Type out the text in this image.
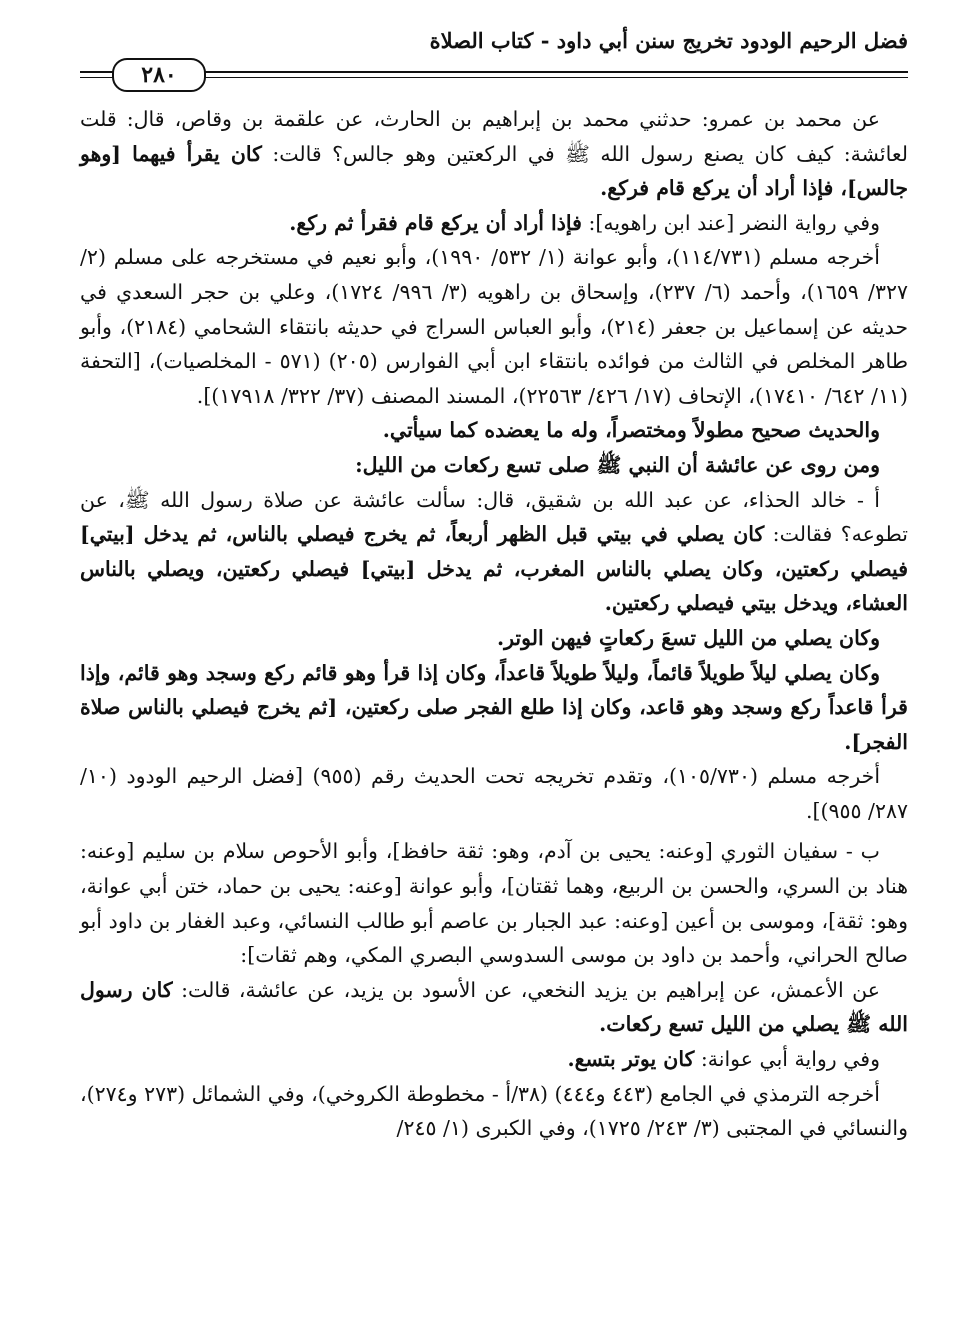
فضل الرحيم الودود تخريج سنن أبي داود - كتاب الصلاة
٢٨٠

عن محمد بن عمرو: حدثني محمد بن إبراهيم بن الحارث، عن علقمة بن وقاص، قال: قلت لعائشة: كيف كان يصنع رسول الله ﷺ في الركعتين وهو جالس؟ قالت: كان يقرأ فيهما [وهو جالس]، فإذا أراد أن يركع قام فركع.

وفي رواية النضر [عند ابن راهويه]: فإذا أراد أن يركع قام فقرأ ثم ركع.

أخرجه مسلم (١١٤/٧٣١)، وأبو عوانة (١/ ٥٣٢/ ١٩٩٠)، وأبو نعيم في مستخرجه على مسلم (٢/ ٣٢٧/ ١٦٥٩)، وأحمد (٦/ ٢٣٧)، وإسحاق بن راهويه (٣/ ٩٩٦/ ١٧٢٤)، وعلي بن حجر السعدي في حديثه عن إسماعيل بن جعفر (٢١٤)، وأبو العباس السراج في حديثه بانتقاء الشحامي (٢١٨٤)، وأبو طاهر المخلص في الثالث من فوائده بانتقاء ابن أبي الفوارس (٢٠٥) (٥٧١ - المخلصيات)، [التحفة (١١/ ٦٤٢/ ١٧٤١٠)، الإتحاف (١٧/ ٤٢٦/ ٢٢٥٦٣)، المسند المصنف (٣٧/ ٣٢٢/ ١٧٩١٨)].

والحديث صحيح مطولاً ومختصراً، وله ما يعضده كما سيأتي.

ومن روى عن عائشة أن النبي ﷺ صلى تسع ركعات من الليل:

أ - خالد الحذاء، عن عبد الله بن شقيق، قال: سألت عائشة عن صلاة رسول الله ﷺ، عن تطوعه؟ فقالت: كان يصلي في بيتي قبل الظهر أربعاً، ثم يخرج فيصلي بالناس، ثم يدخل [بيتي] فيصلي ركعتين، وكان يصلي بالناس المغرب، ثم يدخل [بيتي] فيصلي ركعتين، ويصلي بالناس العشاء، ويدخل بيتي فيصلي ركعتين.

وكان يصلي من الليل تسعَ ركعاتٍ فيهن الوتر.

وكان يصلي ليلاً طويلاً قائماً، وليلاً طويلاً قاعداً، وكان إذا قرأ وهو قائم ركع وسجد وهو قائم، وإذا قرأ قاعداً ركع وسجد وهو قاعد، وكان إذا طلع الفجر صلى ركعتين، [ثم يخرج فيصلي بالناس صلاة الفجر].

أخرجه مسلم (١٠٥/٧٣٠)، وتقدم تخريجه تحت الحديث رقم (٩٥٥) [فضل الرحيم الودود (١٠/ ٢٨٧/ ٩٥٥)].

ب - سفيان الثوري [وعنه: يحيى بن آدم، وهو: ثقة حافظ]، وأبو الأحوص سلام بن سليم [وعنه: هناد بن السري، والحسن بن الربيع، وهما ثقتان]، وأبو عوانة [وعنه: يحيى بن حماد، ختن أبي عوانة، وهو: ثقة]، وموسى بن أعين [وعنه: عبد الجبار بن عاصم أبو طالب النسائي، وعبد الغفار بن داود أبو صالح الحراني، وأحمد بن داود بن موسى السدوسي البصري المكي، وهم ثقات]:

عن الأعمش، عن إبراهيم بن يزيد النخعي، عن الأسود بن يزيد، عن عائشة، قالت: كان رسول الله ﷺ يصلي من الليل تسع ركعات.

وفي رواية أبي عوانة: كان يوتر بتسع.

أخرجه الترمذي في الجامع (٤٤٣ و٤٤٤) (٣٨/أ - مخطوطة الكروخي)، وفي الشمائل (٢٧٣ و٢٧٤)، والنسائي في المجتبى (٣/ ٢٤٣/ ١٧٢٥)، وفي الكبرى (١/ ٢٤٥/
